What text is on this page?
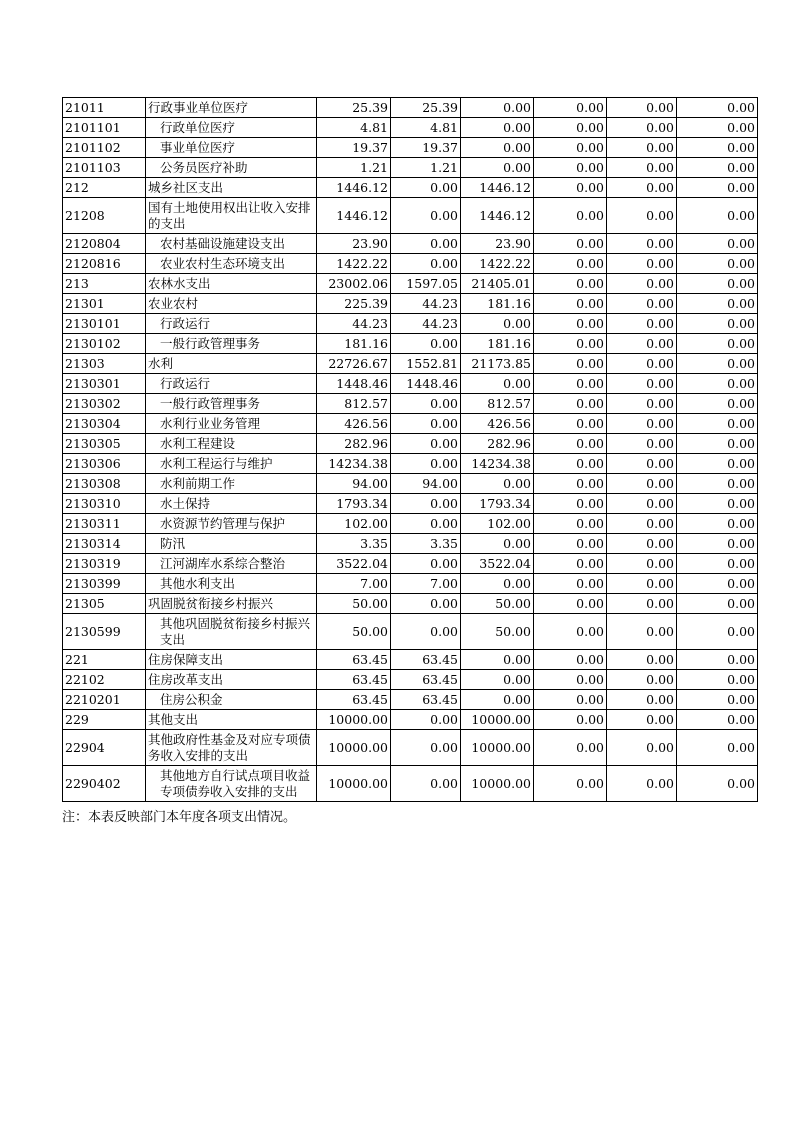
21011	行政事业单位医疗	25.39	25.39	0.00	0.00	0.00	0.00
2101101	行政单位医疗	4.81	4.81	0.00	0.00	0.00	0.00
2101102	事业单位医疗	19.37	19.37	0.00	0.00	0.00	0.00
2101103	公务员医疗补助	1.21	1.21	0.00	0.00	0.00	0.00
212	城乡社区支出	1446.12	0.00	1446.12	0.00	0.00	0.00
21208	国有土地使用权出让收入安排的支出	1446.12	0.00	1446.12	0.00	0.00	0.00
2120804	农村基础设施建设支出	23.90	0.00	23.90	0.00	0.00	0.00
2120816	农业农村生态环境支出	1422.22	0.00	1422.22	0.00	0.00	0.00
213	农林水支出	23002.06	1597.05	21405.01	0.00	0.00	0.00
21301	农业农村	225.39	44.23	181.16	0.00	0.00	0.00
2130101	行政运行	44.23	44.23	0.00	0.00	0.00	0.00
2130102	一般行政管理事务	181.16	0.00	181.16	0.00	0.00	0.00
21303	水利	22726.67	1552.81	21173.85	0.00	0.00	0.00
2130301	行政运行	1448.46	1448.46	0.00	0.00	0.00	0.00
2130302	一般行政管理事务	812.57	0.00	812.57	0.00	0.00	0.00
2130304	水利行业业务管理	426.56	0.00	426.56	0.00	0.00	0.00
2130305	水利工程建设	282.96	0.00	282.96	0.00	0.00	0.00
2130306	水利工程运行与维护	14234.38	0.00	14234.38	0.00	0.00	0.00
2130308	水利前期工作	94.00	94.00	0.00	0.00	0.00	0.00
2130310	水土保持	1793.34	0.00	1793.34	0.00	0.00	0.00
2130311	水资源节约管理与保护	102.00	0.00	102.00	0.00	0.00	0.00
2130314	防汛	3.35	3.35	0.00	0.00	0.00	0.00
2130319	江河湖库水系综合整治	3522.04	0.00	3522.04	0.00	0.00	0.00
2130399	其他水利支出	7.00	7.00	0.00	0.00	0.00	0.00
21305	巩固脱贫衔接乡村振兴	50.00	0.00	50.00	0.00	0.00	0.00
2130599	其他巩固脱贫衔接乡村振兴支出	50.00	0.00	50.00	0.00	0.00	0.00
221	住房保障支出	63.45	63.45	0.00	0.00	0.00	0.00
22102	住房改革支出	63.45	63.45	0.00	0.00	0.00	0.00
2210201	住房公积金	63.45	63.45	0.00	0.00	0.00	0.00
229	其他支出	10000.00	0.00	10000.00	0.00	0.00	0.00
22904	其他政府性基金及对应专项债务收入安排的支出	10000.00	0.00	10000.00	0.00	0.00	0.00
2290402	其他地方自行试点项目收益专项债券收入安排的支出	10000.00	0.00	10000.00	0.00	0.00	0.00
注：本表反映部门本年度各项支出情况。
